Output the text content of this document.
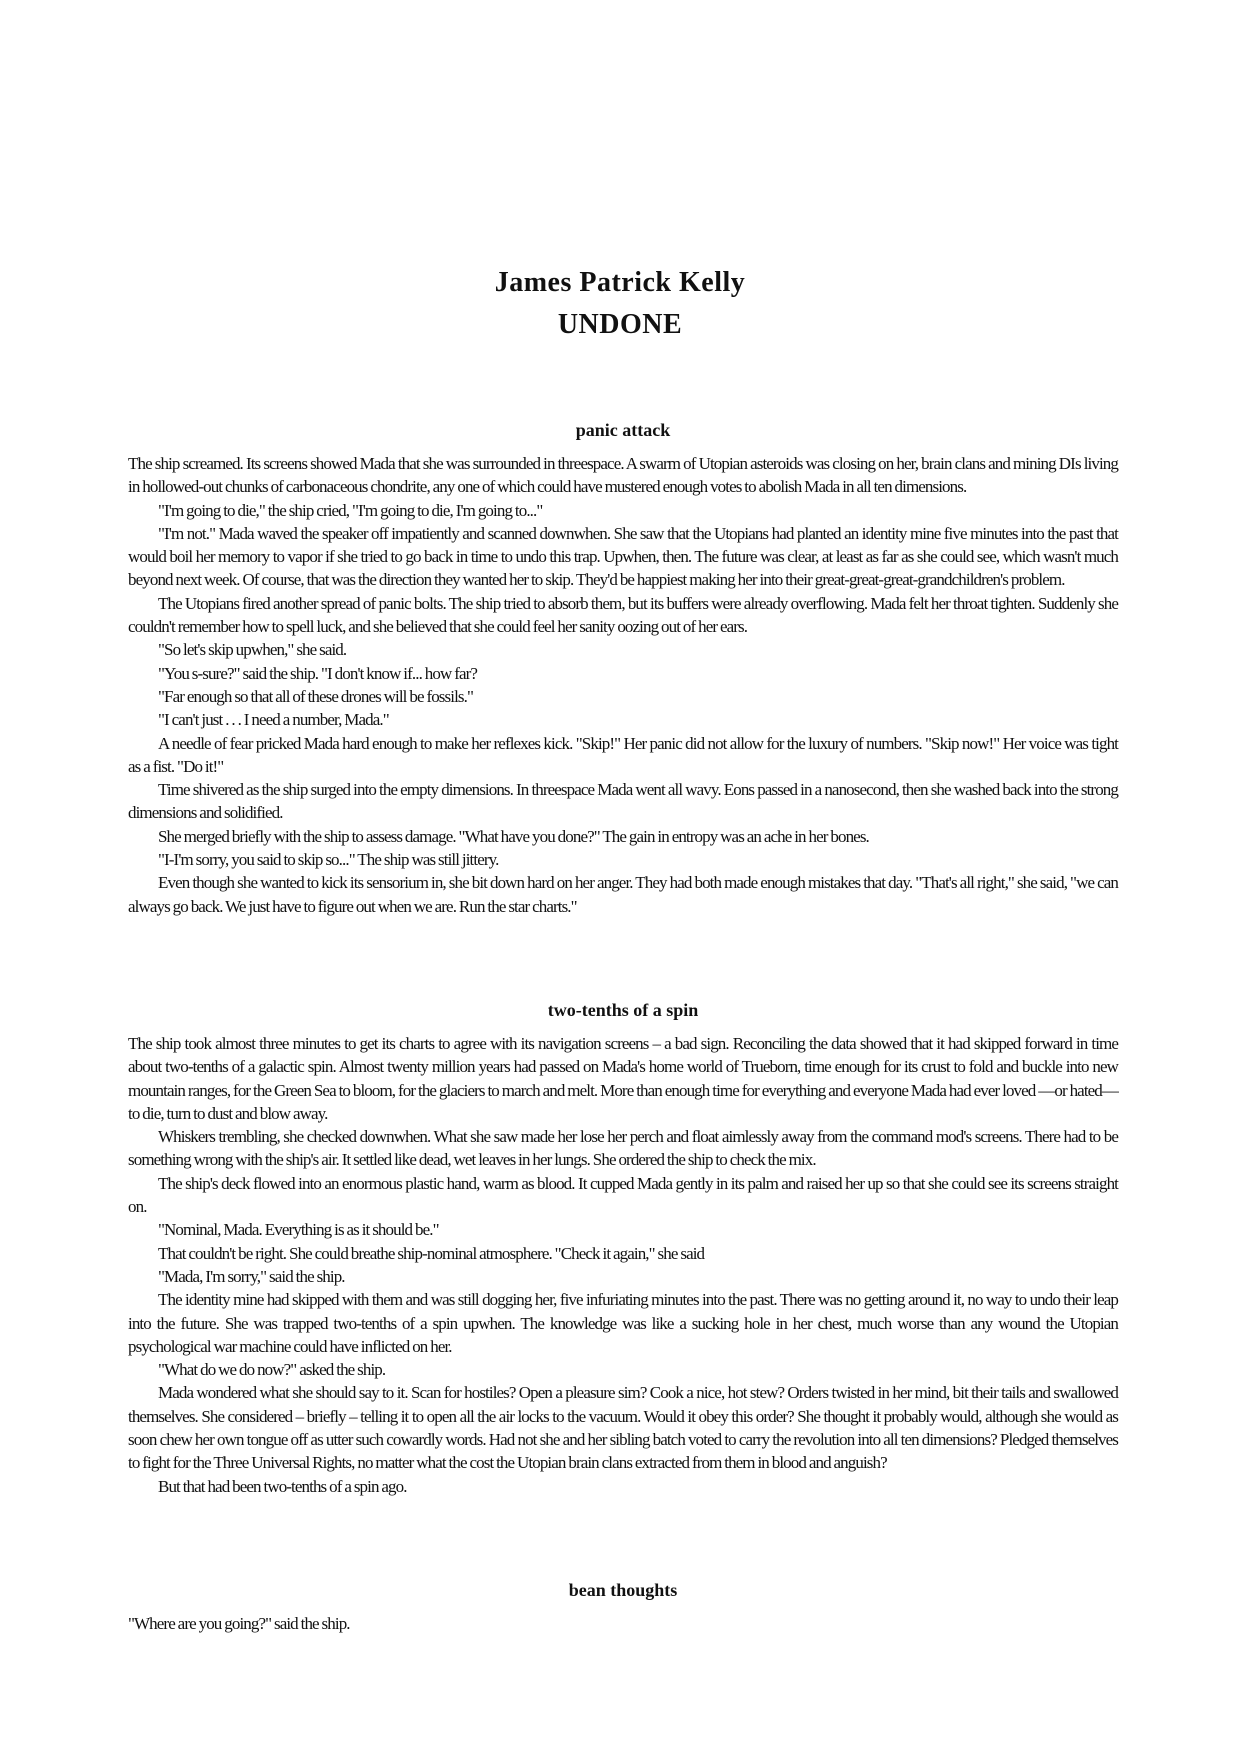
James Patrick Kelly
UNDONE
panic attack

The ship screamed. Its screens showed Mada that she was surrounded in threespace. A swarm of Utopian asteroids was closing on her, brain clans and mining DIs living in hollowed-out chunks of carbonaceous chondrite, any one of which could have mustered enough votes to abolish Mada in all ten dimensions.

"I'm going to die," the ship cried, "I'm going to die, I'm going to..."

"I'm not." Mada waved the speaker off impatiently and scanned downwhen. She saw that the Utopians had planted an identity mine five minutes into the past that would boil her memory to vapor if she tried to go back in time to undo this trap. Upwhen, then. The future was clear, at least as far as she could see, which wasn't much beyond next week. Of course, that was the direction they wanted her to skip. They'd be happiest making her into their great-great-great-grandchildren's problem.

The Utopians fired another spread of panic bolts. The ship tried to absorb them, but its buffers were already overflowing. Mada felt her throat tighten. Suddenly she couldn't remember how to spell luck, and she believed that she could feel her sanity oozing out of her ears.

"So let's skip upwhen," she said.

"You s-sure?" said the ship. "I don't know if... how far?

"Far enough so that all of these drones will be fossils."

"I can't just . . . I need a number, Mada."

A needle of fear pricked Mada hard enough to make her reflexes kick. "Skip!" Her panic did not allow for the luxury of numbers. "Skip now!" Her voice was tight as a fist. "Do it!"

Time shivered as the ship surged into the empty dimensions. In threespace Mada went all wavy. Eons passed in a nanosecond, then she washed back into the strong dimensions and solidified.

She merged briefly with the ship to assess damage. "What have you done?" The gain in entropy was an ache in her bones.

"I-I'm sorry, you said to skip so..." The ship was still jittery.

Even though she wanted to kick its sensorium in, she bit down hard on her anger. They had both made enough mistakes that day. "That's all right," she said, "we can always go back. We just have to figure out when we are. Run the star charts."

two-tenths of a spin

The ship took almost three minutes to get its charts to agree with its navigation screens – a bad sign. Reconciling the data showed that it had skipped forward in time about two-tenths of a galactic spin. Almost twenty million years had passed on Mada's home world of Trueborn, time enough for its crust to fold and buckle into new mountain ranges, for the Green Sea to bloom, for the glaciers to march and melt. More than enough time for everything and everyone Mada had ever loved —or hated— to die, turn to dust and blow away.

Whiskers trembling, she checked downwhen. What she saw made her lose her perch and float aimlessly away from the command mod's screens. There had to be something wrong with the ship's air. It settled like dead, wet leaves in her lungs. She ordered the ship to check the mix.

The ship's deck flowed into an enormous plastic hand, warm as blood. It cupped Mada gently in its palm and raised her up so that she could see its screens straight on.

"Nominal, Mada. Everything is as it should be."

That couldn't be right. She could breathe ship-nominal atmosphere. "Check it again," she said

"Mada, I'm sorry," said the ship.

The identity mine had skipped with them and was still dogging her, five infuriating minutes into the past. There was no getting around it, no way to undo their leap into the future. She was trapped two-tenths of a spin upwhen. The knowledge was like a sucking hole in her chest, much worse than any wound the Utopian psychological war machine could have inflicted on her.

"What do we do now?" asked the ship.

Mada wondered what she should say to it. Scan for hostiles? Open a pleasure sim? Cook a nice, hot stew? Orders twisted in her mind, bit their tails and swallowed themselves. She considered – briefly – telling it to open all the air locks to the vacuum. Would it obey this order? She thought it probably would, although she would as soon chew her own tongue off as utter such cowardly words. Had not she and her sibling batch voted to carry the revolution into all ten dimensions? Pledged themselves to fight for the Three Universal Rights, no matter what the cost the Utopian brain clans extracted from them in blood and anguish?

But that had been two-tenths of a spin ago.

bean thoughts

"Where are you going?" said the ship.
